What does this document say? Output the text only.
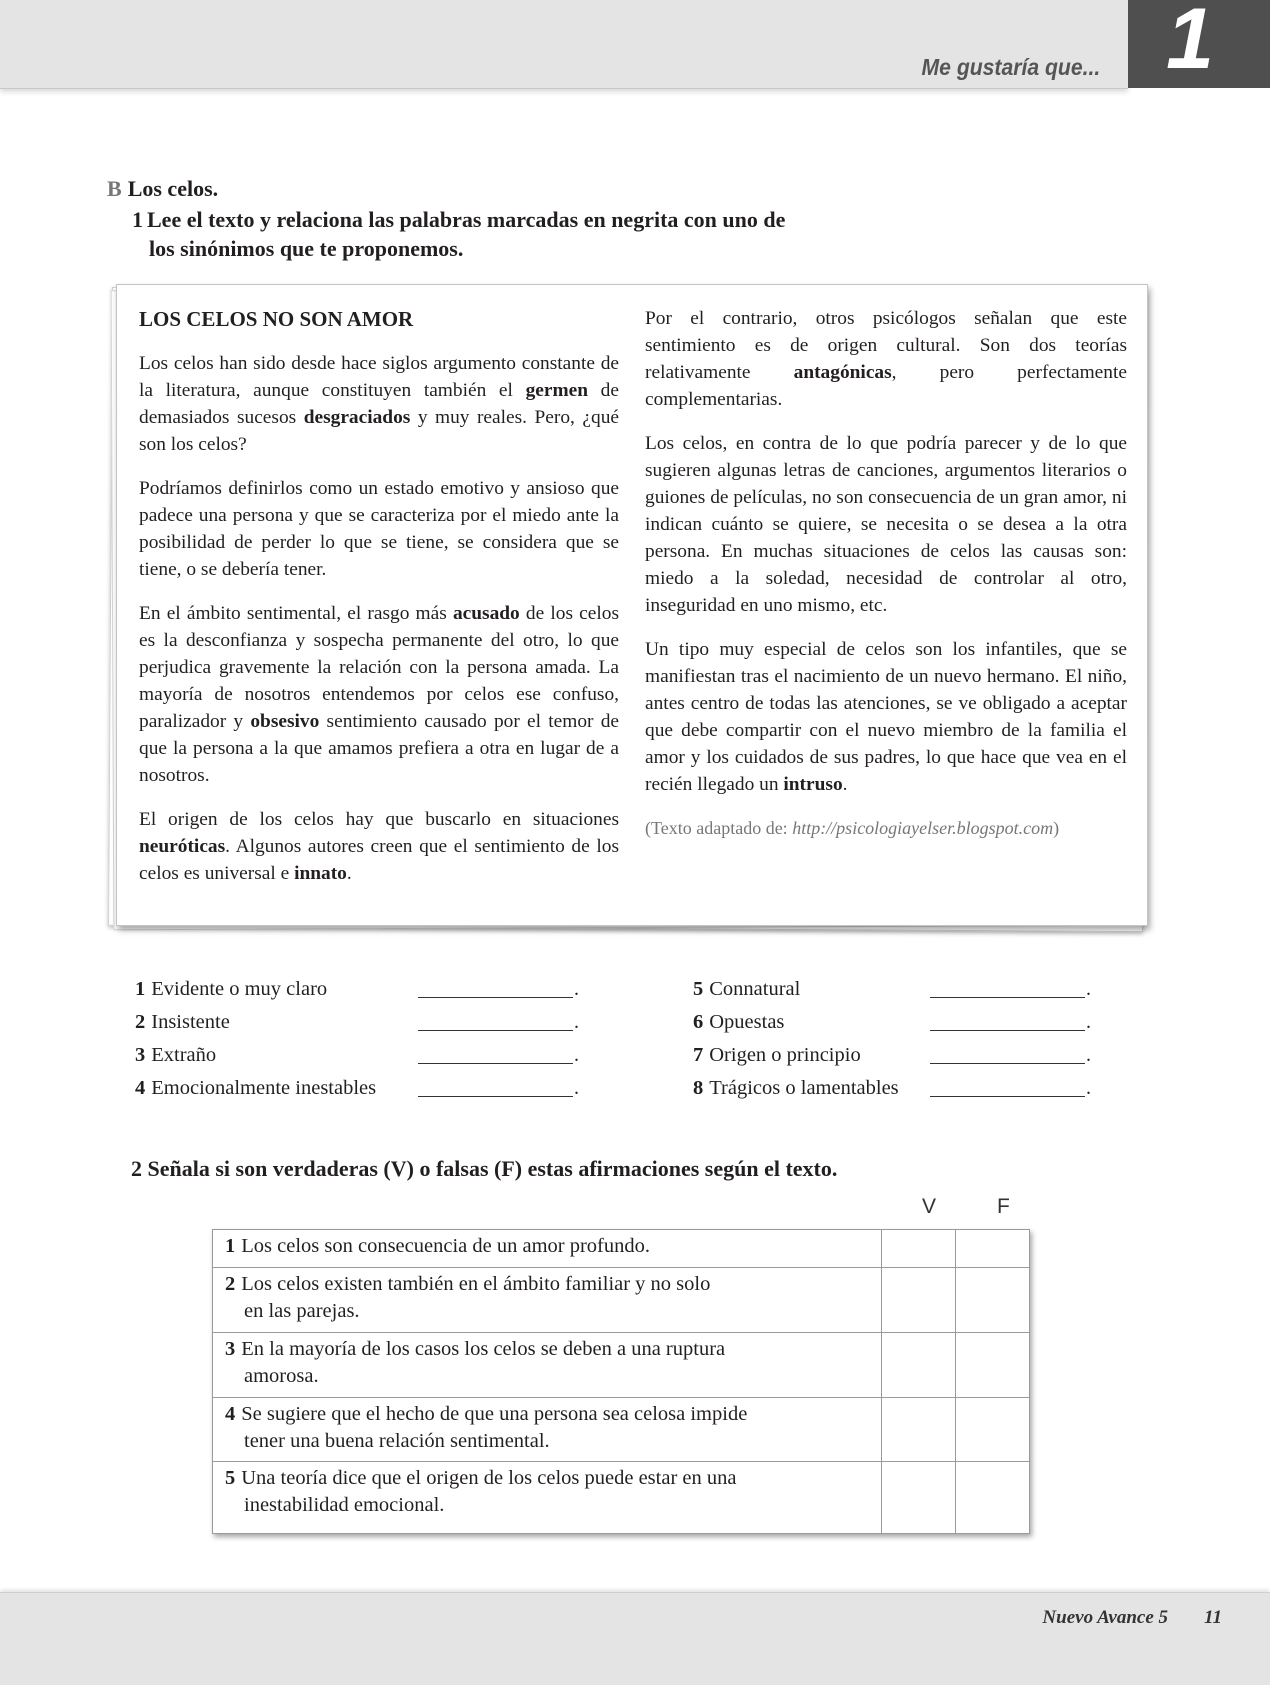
Me gustaría que... 1
B Los celos.
1 Lee el texto y relaciona las palabras marcadas en negrita con uno de
los sinónimos que te proponemos.

LOS CELOS NO SON AMOR

Los celos han sido desde hace siglos argumento constante de la literatura, aunque constituyen también el germen de demasiados sucesos desgraciados y muy reales. Pero, ¿qué son los celos?

Podríamos definirlos como un estado emotivo y ansioso que padece una persona y que se caracteriza por el miedo ante la posibilidad de perder lo que se tiene, se considera que se tiene, o se debería tener.

En el ámbito sentimental, el rasgo más acusado de los celos es la desconfianza y sospecha permanente del otro, lo que perjudica gravemente la relación con la persona amada. La mayoría de nosotros entendemos por celos ese confuso, paralizador y obsesivo sentimiento causado por el temor de que la persona a la que amamos prefiera a otra en lugar de a nosotros.

El origen de los celos hay que buscarlo en situaciones neuróticas. Algunos autores creen que el sentimiento de los celos es universal e innato.

Por el contrario, otros psicólogos señalan que este sentimiento es de origen cultural. Son dos teorías relativamente antagónicas, pero perfectamente complementarias.

Los celos, en contra de lo que podría parecer y de lo que sugieren algunas letras de canciones, argumentos literarios o guiones de películas, no son consecuencia de un gran amor, ni indican cuánto se quiere, se necesita o se desea a la otra persona. En muchas situaciones de celos las causas son: miedo a la soledad, necesidad de controlar al otro, inseguridad en uno mismo, etc.

Un tipo muy especial de celos son los infantiles, que se manifiestan tras el nacimiento de un nuevo hermano. El niño, antes centro de todas las atenciones, se ve obligado a aceptar que debe compartir con el nuevo miembro de la familia el amor y los cuidados de sus padres, lo que hace que vea en el recién llegado un intruso.

(Texto adaptado de: http://psicologiayelser.blogspot.com)

1 Evidente o muy claro	.
2 Insistente	.
3 Extraño	.
4 Emocionalmente inestables	.
5 Connatural	.
6 Opuestas	.
7 Origen o principio	.
8 Trágicos o lamentables	.
2 Señala si son verdaderas (V) o falsas (F) estas afirmaciones según el texto.
V	F
1 Los celos son consecuencia de un amor profundo.		
2 Los celos existen también en el ámbito familiar y no solo
en las parejas.		

3 En la mayoría de los casos los celos se deben a una ruptura
amorosa.		

4 Se sugiere que el hecho de que una persona sea celosa impide
tener una buena relación sentimental.		

5 Una teoría dice que el origen de los celos puede estar en una
inestabilidad emocional.		

Nuevo Avance 5 11
